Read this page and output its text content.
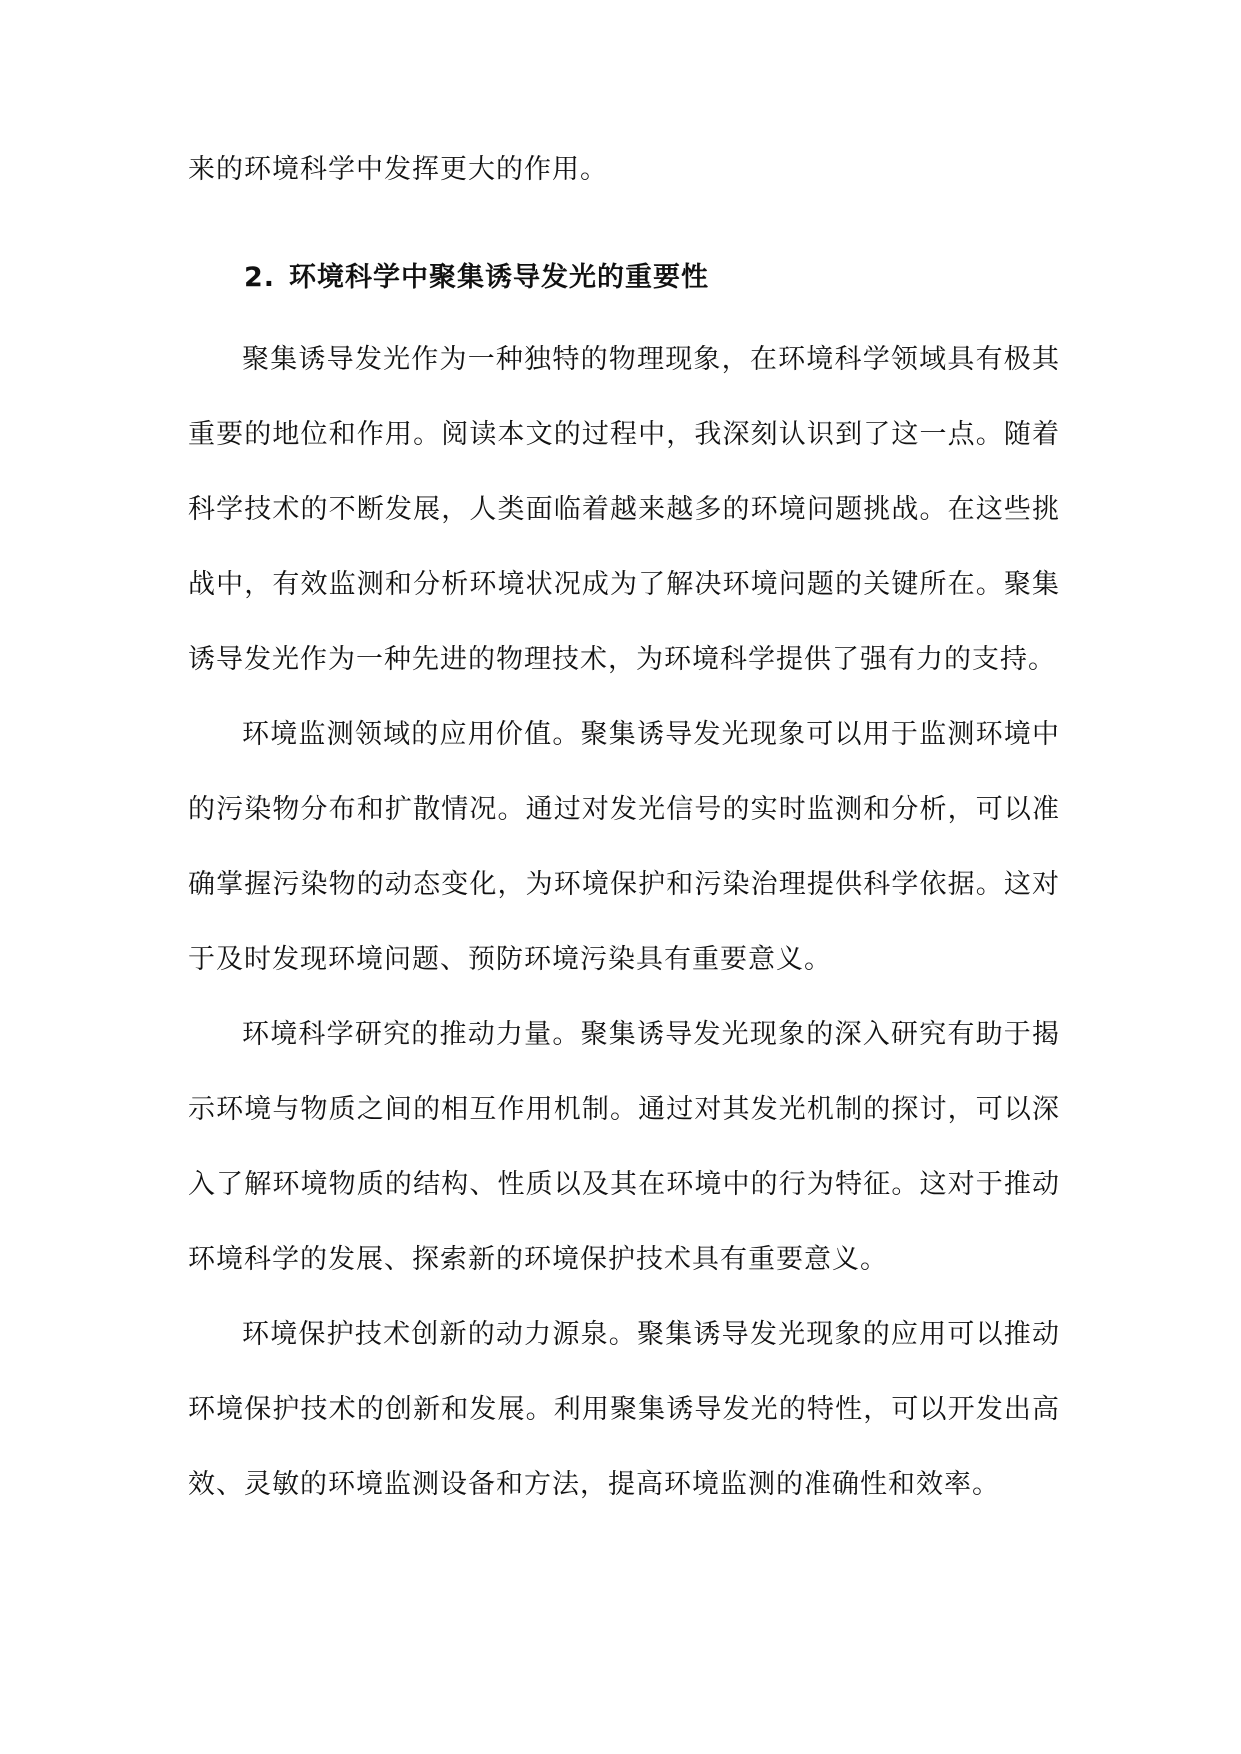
来的环境科学中发挥更大的作用。

2. 环境科学中聚集诱导发光的重要性

聚集诱导发光作为一种独特的物理现象，在环境科学领域具有极其重要的地位和作用。阅读本文的过程中，我深刻认识到了这一点。随着科学技术的不断发展，人类面临着越来越多的环境问题挑战。在这些挑战中，有效监测和分析环境状况成为了解决环境问题的关键所在。聚集诱导发光作为一种先进的物理技术，为环境科学提供了强有力的支持。

环境监测领域的应用价值。聚集诱导发光现象可以用于监测环境中的污染物分布和扩散情况。通过对发光信号的实时监测和分析，可以准确掌握污染物的动态变化，为环境保护和污染治理提供科学依据。这对于及时发现环境问题、预防环境污染具有重要意义。

环境科学研究的推动力量。聚集诱导发光现象的深入研究有助于揭示环境与物质之间的相互作用机制。通过对其发光机制的探讨，可以深入了解环境物质的结构、性质以及其在环境中的行为特征。这对于推动环境科学的发展、探索新的环境保护技术具有重要意义。

环境保护技术创新的动力源泉。聚集诱导发光现象的应用可以推动环境保护技术的创新和发展。利用聚集诱导发光的特性，可以开发出高效、灵敏的环境监测设备和方法，提高环境监测的准确性和效率。
